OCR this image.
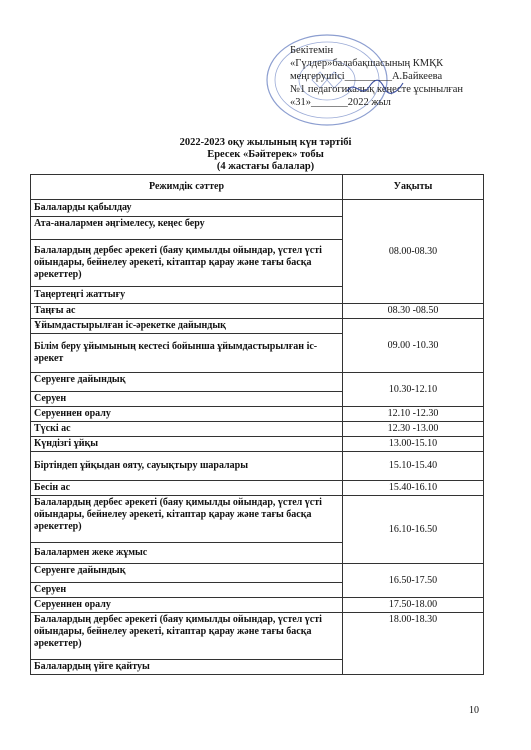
Бекітемін
«Гүлдер»балабақшасының КМҚК
меңгерушісі_________А.Байкеева
№1 педагогикалық кеңесте ұсынылған
«31»_______2022 жыл
2022-2023 оқу жылының күн тәртібі
Ересек «Бәйтерек» тобы
(4 жастағы балалар)
Режимдік сәттер	Уақыты
Балаларды қабылдау	08.00-08.30
Ата-аналармен әңгімелесу, кеңес беру	
Балалардың дербес әрекеті (баяу қимылды ойындар, үстел үсті ойындары, бейнелеу әрекеті, кітаптар қарау және тағы басқа әрекеттер)	
Таңертеңгі жаттығу	
Таңғы ас	08.30 -08.50
Ұйымдастырылған іс-әрекетке дайындық	09.00 -10.30
Білім беру ұйымының кестесі бойынша ұйымдастырылған іс-әрекет	
Серуенге дайындық	10.30-12.10
Серуен	
Серуеннен оралу	12.10 -12.30
Түскі ас	12.30 -13.00
Күндізгі ұйқы	13.00-15.10
Біртіндеп ұйқыдан ояту, сауықтыру шаралары	15.10-15.40
Бесін ас	15.40-16.10
Балалардың дербес әрекеті (баяу қимылды ойындар, үстел үсті ойындары, бейнелеу әрекеті, кітаптар қарау және тағы басқа әрекеттер)	16.10-16.50
Балалармен жеке жұмыс	
Серуенге дайындық	16.50-17.50
Серуен	
Серуеннен оралу	17.50-18.00
Балалардың дербес әрекеті (баяу қимылды ойындар, үстел үсті ойындары, бейнелеу әрекеті, кітаптар қарау және тағы басқа әрекеттер)	18.00-18.30
Балалардың үйге қайтуы	
10
